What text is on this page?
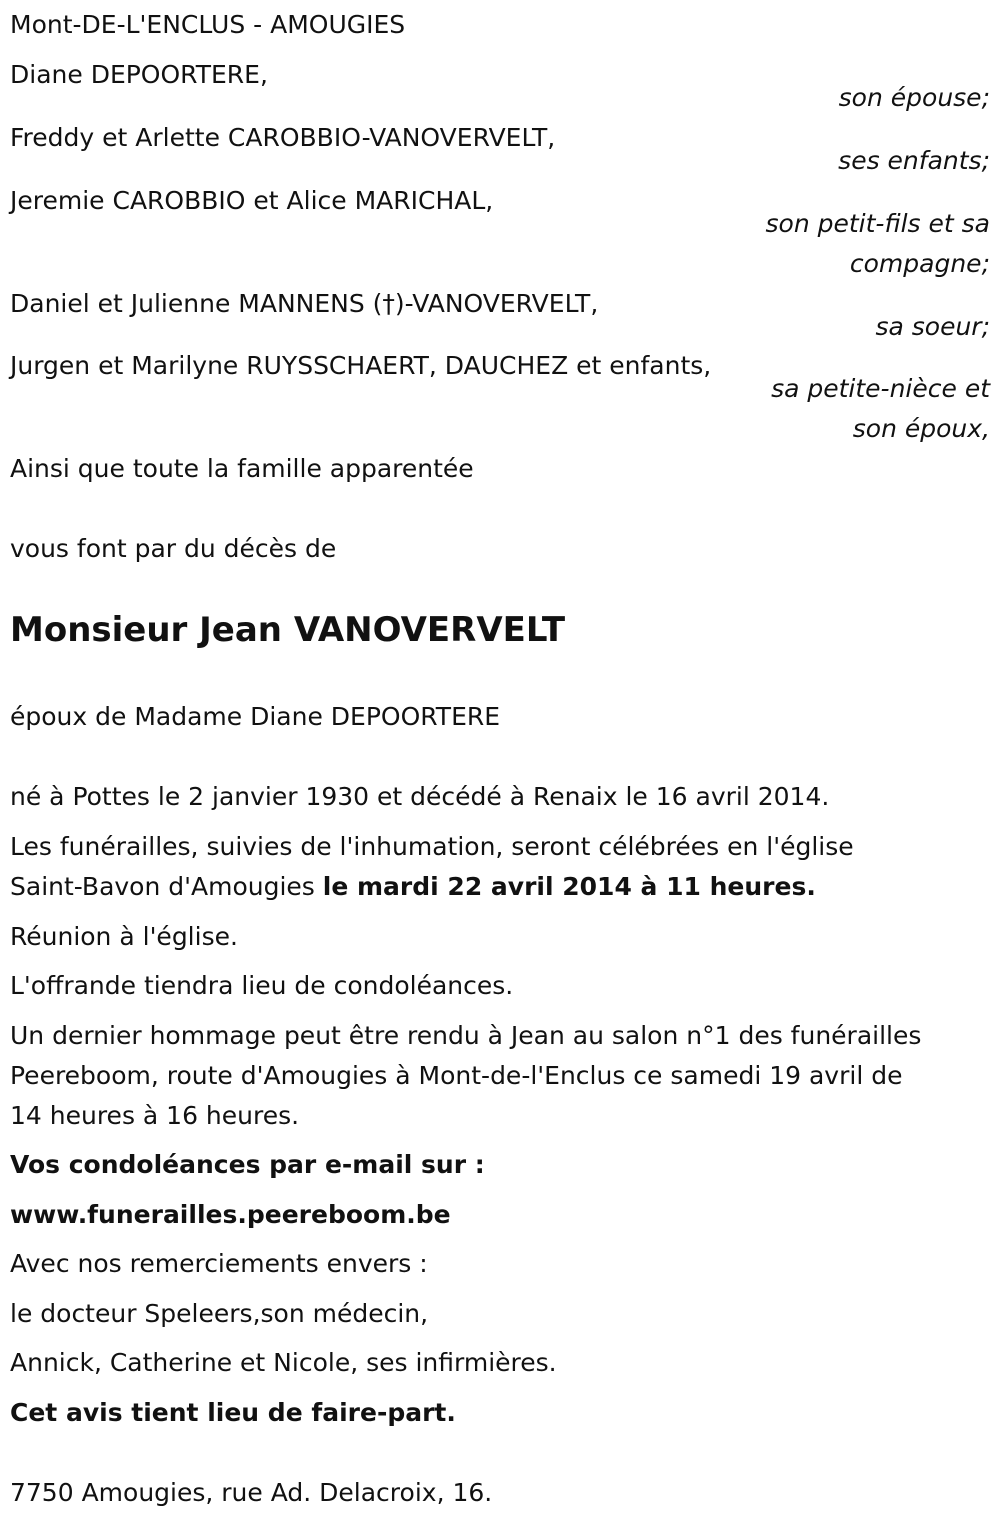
Mont-DE-L'ENCLUS - AMOUGIES
Diane DEPOORTERE,
son épouse;
Freddy et Arlette CAROBBIO-VANOVERVELT,
ses enfants;
Jeremie CAROBBIO et Alice MARICHAL,
son petit-fils et sa
compagne;
Daniel et Julienne MANNENS (†)-VANOVERVELT,
sa soeur;
Jurgen et Marilyne RUYSSCHAERT, DAUCHEZ et enfants,
sa petite-nièce et
son époux,
Ainsi que toute la famille apparentée
vous font par du décès de
Monsieur Jean VANOVERVELT
époux de Madame Diane DEPOORTERE
né à Pottes le 2 janvier 1930 et décédé à Renaix le 16 avril 2014.
Les funérailles, suivies de l'inhumation, seront célébrées en l'église
Saint-Bavon d'Amougies le mardi 22 avril 2014 à 11 heures.
Réunion à l'église.
L'offrande tiendra lieu de condoléances.
Un dernier hommage peut être rendu à Jean au salon n°1 des funérailles
Peereboom, route d'Amougies à Mont-de-l'Enclus ce samedi 19 avril de
14 heures à 16 heures.
Vos condoléances par e-mail sur :
www.funerailles.peereboom.be
Avec nos remerciements envers :
le docteur Speleers,son médecin,
Annick, Catherine et Nicole, ses infirmières.
Cet avis tient lieu de faire-part.
7750 Amougies, rue Ad. Delacroix, 16.
